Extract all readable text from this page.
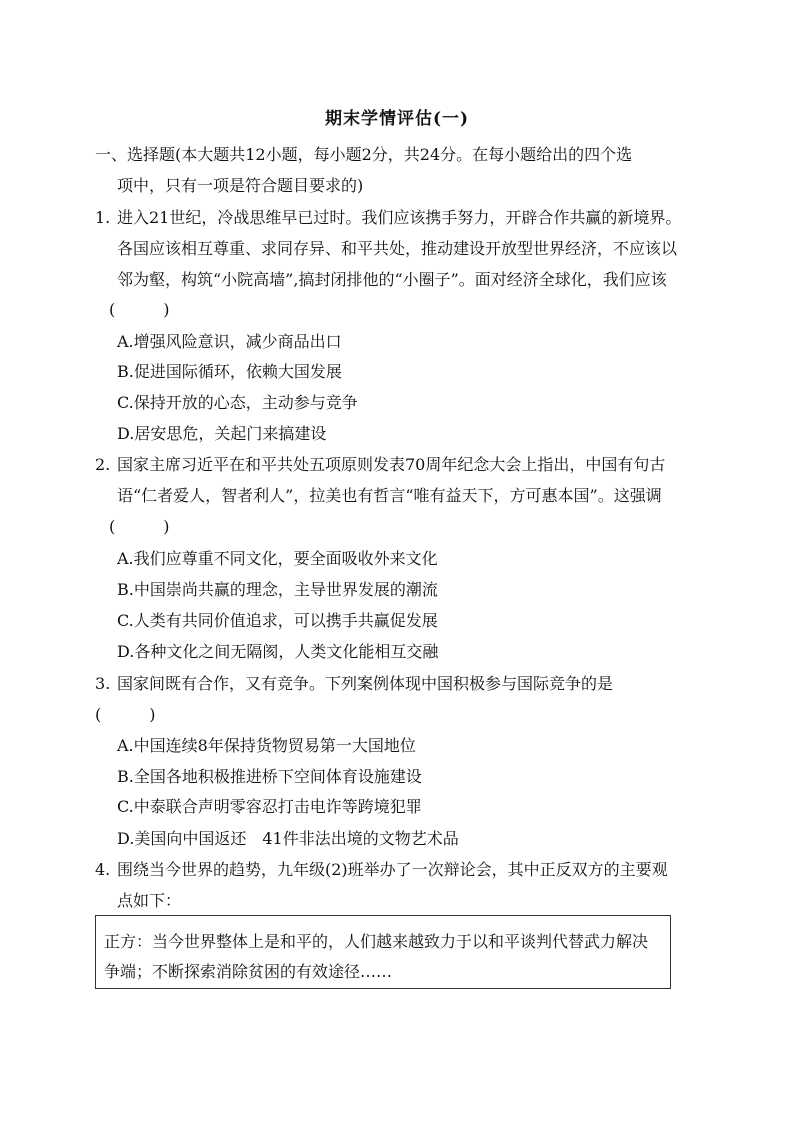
期末学情评估(一)
一、选择题(本大题共12小题，每小题2分，共24分。在每小题给出的四个选
项中，只有一项是符合题目要求的)
1. 进入21世纪，冷战思维早已过时。我们应该携手努力，开辟合作共赢的新境界。
各国应该相互尊重、求同存异、和平共处，推动建设开放型世界经济，不应该以
邻为壑，构筑“小院高墙”,搞封闭排他的“小圈子”。面对经济全球化，我们应该
(　　　)
A.增强风险意识，减少商品出口
B.促进国际循环，依赖大国发展
C.保持开放的心态，主动参与竞争
D.居安思危，关起门来搞建设
2. 国家主席习近平在和平共处五项原则发表70周年纪念大会上指出，中国有句古
语“仁者爱人，智者利人”，拉美也有哲言“唯有益天下，方可惠本国”。这强调
(　　　)
A.我们应尊重不同文化，要全面吸收外来文化
B.中国崇尚共赢的理念，主导世界发展的潮流
C.人类有共同价值追求，可以携手共赢促发展
D.各种文化之间无隔阂，人类文化能相互交融
3. 国家间既有合作，又有竞争。下列案例体现中国积极参与国际竞争的是
(　　　)
A.中国连续8年保持货物贸易第一大国地位
B.全国各地积极推进桥下空间体育设施建设
C.中泰联合声明零容忍打击电诈等跨境犯罪
D.美国向中国返还　41件非法出境的文物艺术品
4. 围绕当今世界的趋势，九年级(2)班举办了一次辩论会，其中正反双方的主要观
点如下：
正方：当今世界整体上是和平的，人们越来越致力于以和平谈判代替武力解决
争端；不断探索消除贫困的有效途径……
